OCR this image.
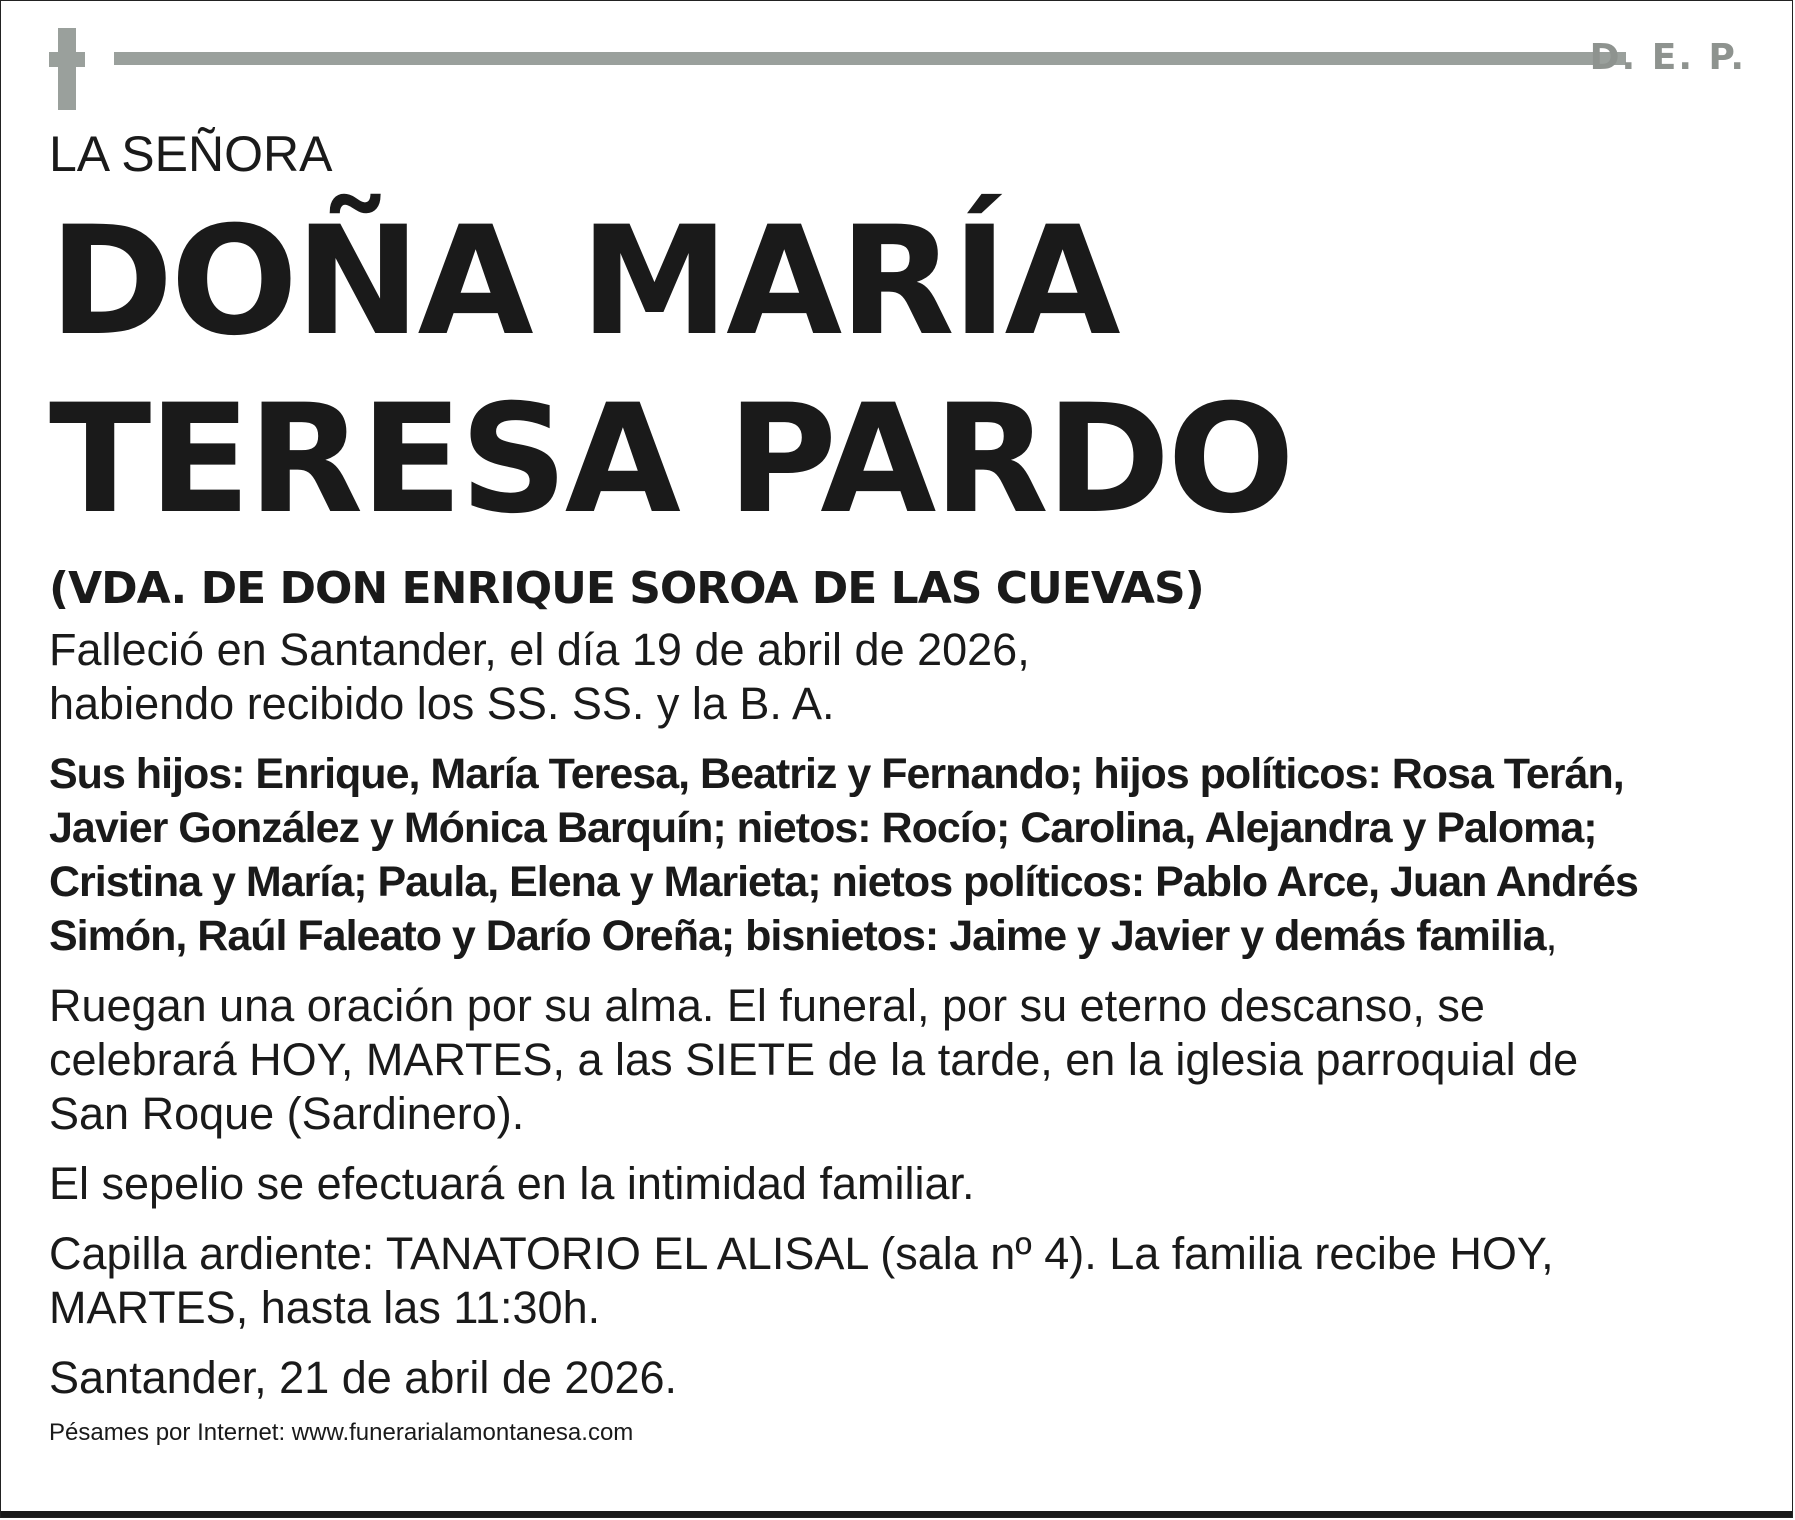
D. E. P.

LA SEÑORA

DOÑA MARÍA
TERESA PARDO

(VDA. DE DON ENRIQUE SOROA DE LAS CUEVAS)

Falleció en Santander, el día 19 de abril de 2026,
habiendo recibido los SS. SS. y la B. A.
Sus hijos: Enrique, María Teresa, Beatriz y Fernando; hijos políticos: Rosa Terán,
Javier González y Mónica Barquín; nietos: Rocío; Carolina, Alejandra y Paloma;
Cristina y María; Paula, Elena y Marieta; nietos políticos: Pablo Arce, Juan Andrés
Simón, Raúl Faleato y Darío Oreña; bisnietos: Jaime y Javier y demás familia,
Ruegan una oración por su alma. El funeral, por su eterno descanso, se
celebrará HOY, MARTES, a las SIETE de la tarde, en la iglesia parroquial de
San Roque (Sardinero).
El sepelio se efectuará en la intimidad familiar.
Capilla ardiente: TANATORIO EL ALISAL (sala nº 4). La familia recibe HOY,
MARTES, hasta las 11:30h.
Santander, 21 de abril de 2026.

Pésames por Internet: www.funerarialamontanesa.com
